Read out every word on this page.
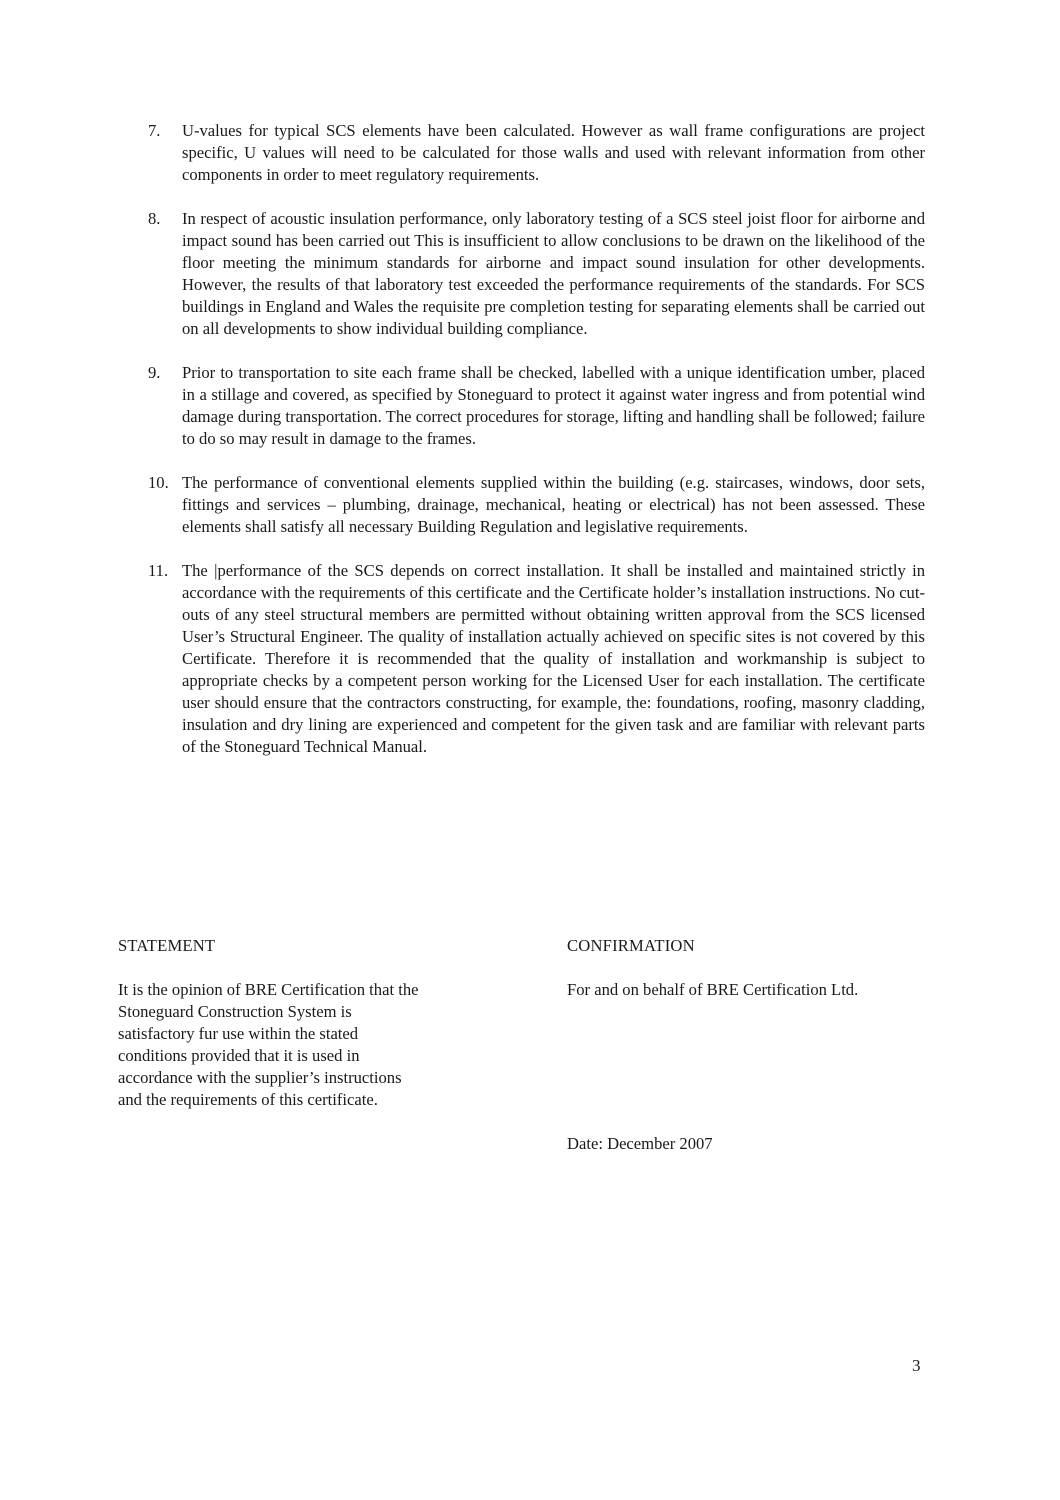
7.	U-values for typical SCS elements have been calculated. However as wall frame configurations are project specific, U values will need to be calculated for those walls and used with relevant information from other components in order to meet regulatory requirements.
8.	In respect of acoustic insulation performance, only laboratory testing of a SCS steel joist floor for airborne and impact sound has been carried out This is insufficient to allow conclusions to be drawn on the likelihood of the floor meeting the minimum standards for airborne and impact sound insulation for other developments. However, the results of that laboratory test exceeded the performance requirements of the standards. For SCS buildings in England and Wales the requisite pre completion testing for separating elements shall be carried out on all developments to show individual building compliance.
9.	Prior to transportation to site each frame shall be checked, labelled with a unique identification umber, placed in a stillage and covered, as specified by Stoneguard to protect it against water ingress and from potential wind damage during transportation. The correct procedures for storage, lifting and handling shall be followed; failure to do so may result in damage to the frames.
10. The performance of conventional elements supplied within the building (e.g. staircases, windows, door sets, fittings and services – plumbing, drainage, mechanical, heating or electrical) has not been assessed. These elements shall satisfy all necessary Building Regulation and legislative requirements.
11. The |performance of the SCS depends on correct installation. It shall be installed and maintained strictly in accordance with the requirements of this certificate and the Certificate holder’s installation instructions. No cut-outs of any steel structural members are permitted without obtaining written approval from the SCS licensed User’s Structural Engineer. The quality of installation actually achieved on specific sites is not covered by this Certificate. Therefore it is recommended that the quality of installation and workmanship is subject to appropriate checks by a competent person working for the Licensed User for each installation. The certificate user should ensure that the contractors constructing, for example, the: foundations, roofing, masonry cladding, insulation and dry lining are experienced and competent for the given task and are familiar with relevant parts of the Stoneguard Technical Manual.
STATEMENT

It is the opinion of BRE Certification that the Stoneguard Construction System is satisfactory fur use within the stated conditions provided that it is used in accordance with the supplier’s instructions and the requirements of this certificate.

CONFIRMATION

For and on behalf of BRE Certification Ltd.

Date: December 2007
3
